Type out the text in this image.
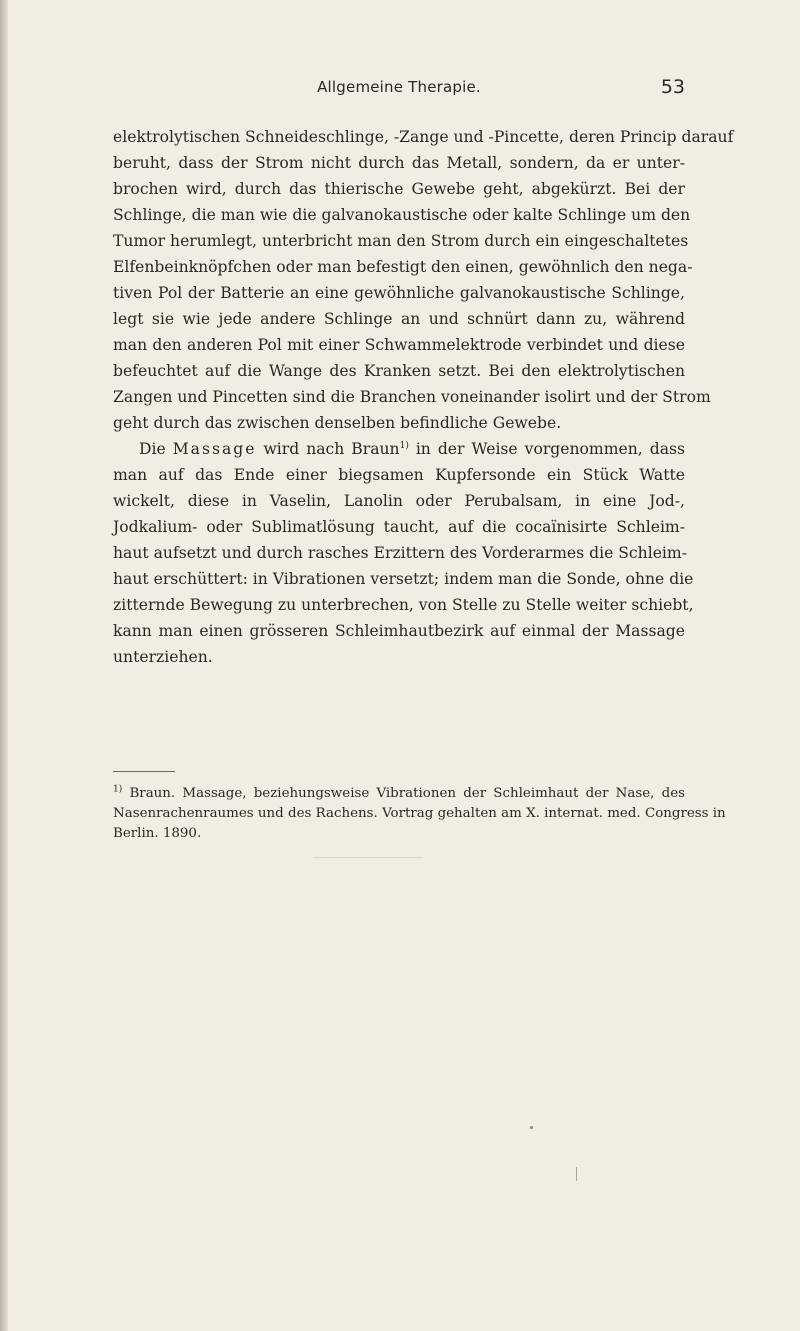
Allgemeine Therapie.	53
elektrolytischen Schneideschlinge, -Zange und -Pincette, deren Princip darauf
beruht, dass der Strom nicht durch das Metall, sondern, da er unter-
brochen wird, durch das thierische Gewebe geht, abgekürzt. Bei der
Schlinge, die man wie die galvanokaustische oder kalte Schlinge um den
Tumor herumlegt, unterbricht man den Strom durch ein eingeschaltetes
Elfenbeinknöpfchen oder man befestigt den einen, gewöhnlich den nega-
tiven Pol der Batterie an eine gewöhnliche galvanokaustische Schlinge,
legt sie wie jede andere Schlinge an und schnürt dann zu, während
man den anderen Pol mit einer Schwammelektrode verbindet und diese
befeuchtet auf die Wange des Kranken setzt. Bei den elektrolytischen
Zangen und Pincetten sind die Branchen voneinander isolirt und der Strom
geht durch das zwischen denselben befindliche Gewebe.
Die Massage wird nach Braun$^{1)}$ in der Weise vorgenommen, dass
man auf das Ende einer biegsamen Kupfersonde ein Stück Watte
wickelt, diese in Vaselin, Lanolin oder Perubalsam, in eine Jod-,
Jodkalium- oder Sublimatlösung taucht, auf die cocaïnisirte Schleim-
haut aufsetzt und durch rasches Erzittern des Vorderarmes die Schleim-
haut erschüttert: in Vibrationen versetzt; indem man die Sonde, ohne die
zitternde Bewegung zu unterbrechen, von Stelle zu Stelle weiter schiebt,
kann man einen grösseren Schleimhautbezirk auf einmal der Massage
unterziehen.
$^{1)}$ Braun. Massage, beziehungsweise Vibrationen der Schleimhaut der Nase, des
Nasenrachenraumes und des Rachens. Vortrag gehalten am X. internat. med. Congress in
Berlin. 1890.
